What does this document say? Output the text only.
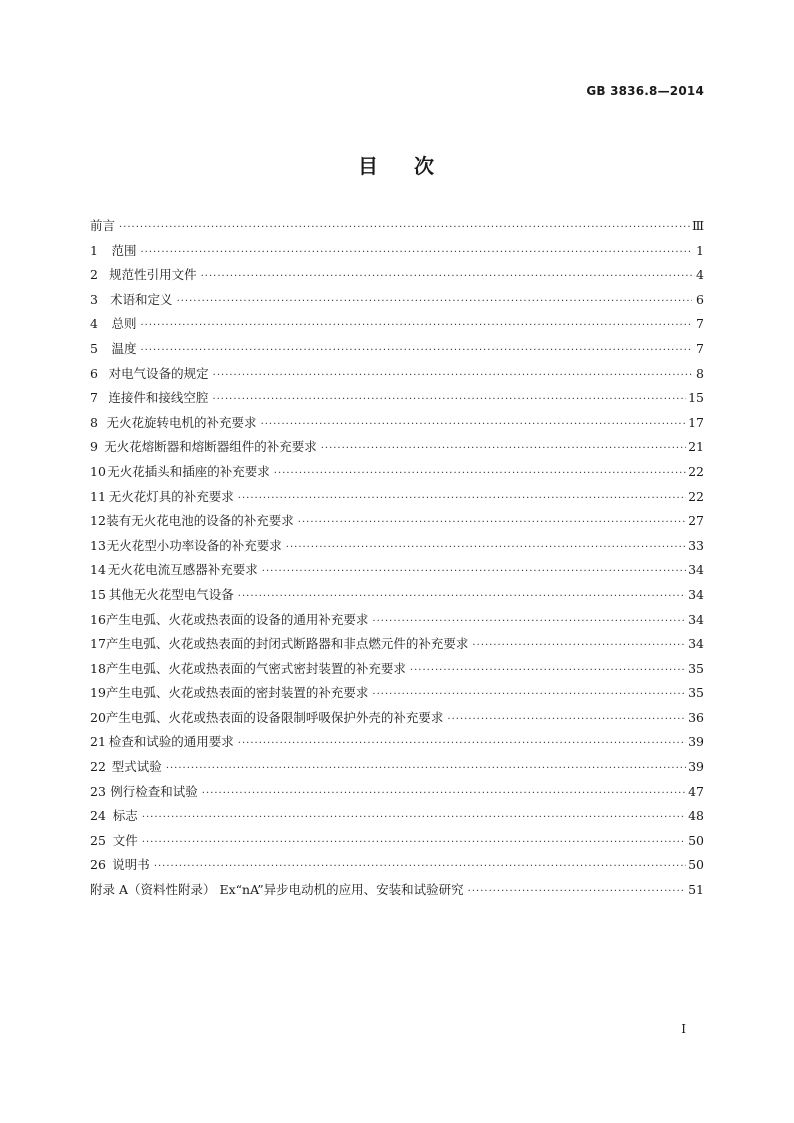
GB 3836.8—2014
目 次
前言 ·····	Ⅲ
1	范围 ·····	1
2 规范性引用文件 ·····	4
3 术语和定义 ·····	6
4	总则 ·····	7
5	温度 ·····	7
6 对电气设备的规定 ·····	8
7 连接件和接线空腔 ·····	15
8 无火花旋转电机的补充要求 ·····	17
9 无火花熔断器和熔断器组件的补充要求 ·····	21
10 无火花插头和插座的补充要求 ·····	22
11 无火花灯具的补充要求 ·····	22
12 装有无火花电池的设备的补充要求 ·····	27
13 无火花型小功率设备的补充要求 ·····	33
14 无火花电流互感器补充要求 ·····	34
15 其他无火花型电气设备 ·····	34
16 产生电弧、火花或热表面的设备的通用补充要求 ·····	34
17 产生电弧、火花或热表面的封闭式断路器和非点燃元件的补充要求 ·····	34
18 产生电弧、火花或热表面的气密式密封装置的补充要求 ·····	35
19 产生电弧、火花或热表面的密封装置的补充要求 ·····	35
20 产生电弧、火花或热表面的设备限制呼吸保护外壳的补充要求 ·····	36
21 检查和试验的通用要求 ·····	39
22 型式试验 ·····	39
23 例行检查和试验 ·····	47
24 标志 ·····	48
25 文件 ·····	50
26 说明书 ·····	50
附录 A（资料性附录） Ex“nA”异步电动机的应用、安装和试验研究 ·····	51
I
